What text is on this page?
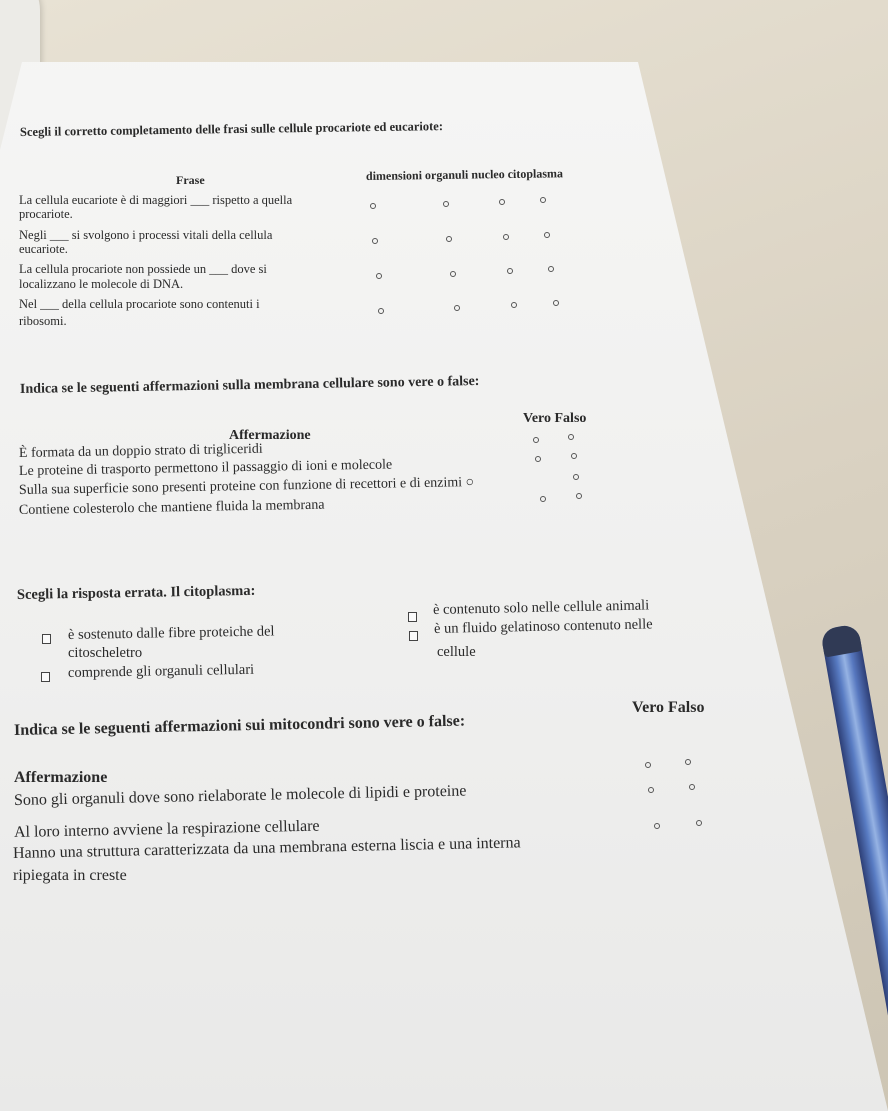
Scegli il corretto completamento delle frasi sulle cellule procariote ed eucariote:
Frase	dimensioni organuli nucleo citoplasma
La cellula eucariote è di maggiori ___ rispetto a quella
procariote.
Negli ___ si svolgono i processi vitali della cellula
eucariote.
La cellula procariote non possiede un ___ dove si
localizzano le molecole di DNA.
Nel ___ della cellula procariote sono contenuti i
ribosomi.
Indica se le seguenti affermazioni sulla membrana cellulare sono vere o false:
Vero Falso
Affermazione
È formata da un doppio strato di trigliceridi
Le proteine di trasporto permettono il passaggio di ioni e molecole
Sulla sua superficie sono presenti proteine con funzione di recettori e di enzimi ○
Contiene colesterolo che mantiene fluida la membrana
Scegli la risposta errata. Il citoplasma:
è sostenuto dalle fibre proteiche del
citoscheletro
comprende gli organuli cellulari
è contenuto solo nelle cellule animali
è un fluido gelatinoso contenuto nelle
cellule
Indica se le seguenti affermazioni sui mitocondri sono vere o false:
Vero Falso
Affermazione
Sono gli organuli dove sono rielaborate le molecole di lipidi e proteine
Al loro interno avviene la respirazione cellulare
Hanno una struttura caratterizzata da una membrana esterna liscia e una interna
ripiegata in creste
